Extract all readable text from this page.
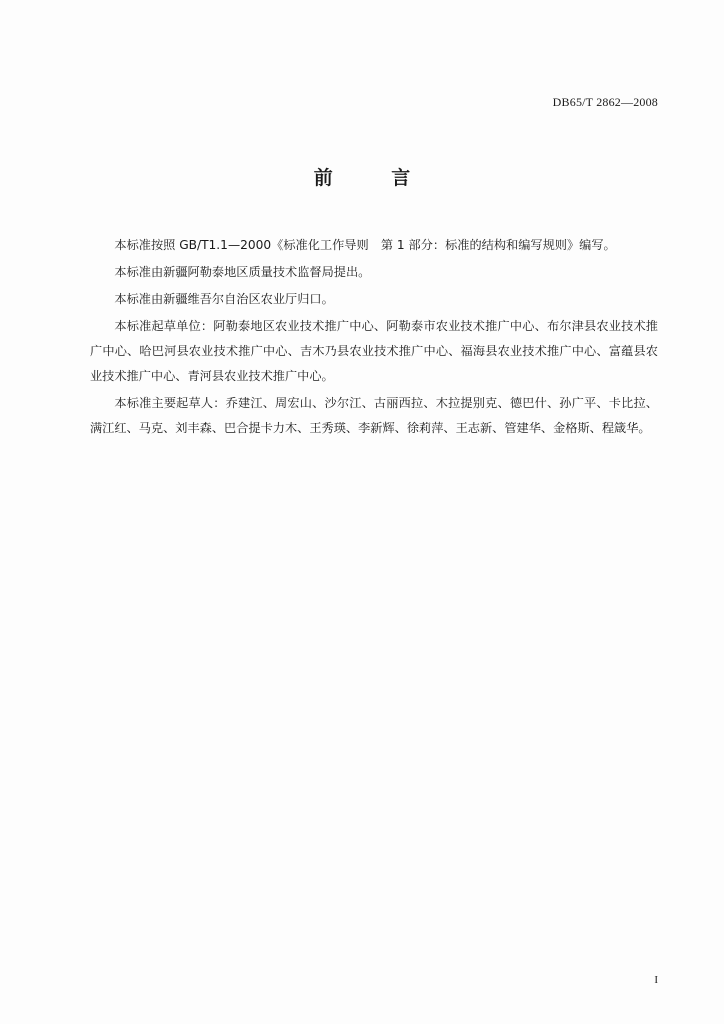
DB65/T 2862—2008
前 言

本标准按照 GB/T1.1—2000《标准化工作导则　第 1 部分：标准的结构和编写规则》编写。

本标准由新疆阿勒泰地区质量技术监督局提出。

本标准由新疆维吾尔自治区农业厅归口。

本标准起草单位：阿勒泰地区农业技术推广中心、阿勒泰市农业技术推广中心、布尔津县农业技术推广中心、哈巴河县农业技术推广中心、吉木乃县农业技术推广中心、福海县农业技术推广中心、富蕴县农业技术推广中心、青河县农业技术推广中心。

本标准主要起草人：乔建江、周宏山、沙尔江、古丽西拉、木拉提别克、德巴什、孙广平、卡比拉、满江红、马克、刘丰森、巴合提卡力木、王秀瑛、李新辉、徐莉萍、王志新、管建华、金格斯、程箴华。

I
